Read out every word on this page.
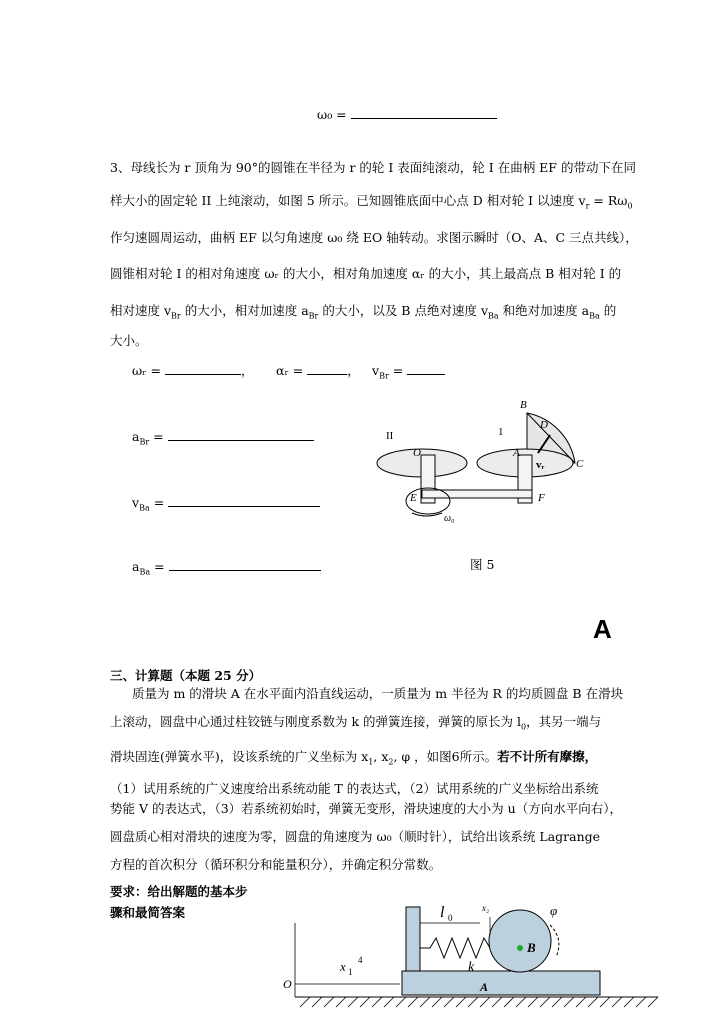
ω₀ =
3、母线长为 r 顶角为 90°的圆锥在半径为 r 的轮 I 表面纯滚动，轮 I 在曲柄 EF 的带动下在同
样大小的固定轮 II 上纯滚动，如图 5 所示。已知圆锥底面中心点 D 相对轮 I 以速度 $v_r = R\omega_0$
作匀速圆周运动，曲柄 EF 以匀角速度 ω₀ 绕 EO 轴转动。求图示瞬时（O、A、C 三点共线），
圆锥相对轮 I 的相对角速度 ωᵣ 的大小，相对角加速度 αᵣ 的大小，其上最高点 B 相对轮 I 的
相对速度 $v_{Br}$ 的大小，相对加速度 $a_{Br}$ 的大小，以及 B 点绝对速度 $v_{Ba}$ 和绝对加速度 $a_{Ba}$ 的
大小。
ωᵣ =	， αᵣ =	， $v_{Br}$ =
$a_{Br}$ =
$v_{Ba}$ =
$a_{Ba}$ =
B
D
II	1
O	A
vᵣ	C
E	F
ω₀
图 5
A
三、计算题（本题 25 分）
质量为 m 的滑块 A 在水平面内沿直线运动，一质量为 m 半径为 R 的均质圆盘 B 在滑块
上滚动，圆盘中心通过柱铰链与刚度系数为 k 的弹簧连接，弹簧的原长为 $l_0$，其另一端与
滑块固连(弹簧水平)，设该系统的广义坐标为 $x_1$, $x_2$, φ ，如图6所示。若不计所有摩擦，
（1）试用系统的广义速度给出系统动能 T 的表达式，（2）试用系统的广义坐标给出系统
势能 V 的表达式，（3）若系统初始时，弹簧无变形，滑块速度的大小为 u（方向水平向右），
圆盘质心相对滑块的速度为零，圆盘的角速度为 ω₀（顺时针），试给出该系统 Lagrange
方程的首次积分（循环积分和能量积分），并确定积分常数。
要求：给出解题的基本步
骤和最简答案	l 0
x₂	φ
B
x 1
4	k
O	A
